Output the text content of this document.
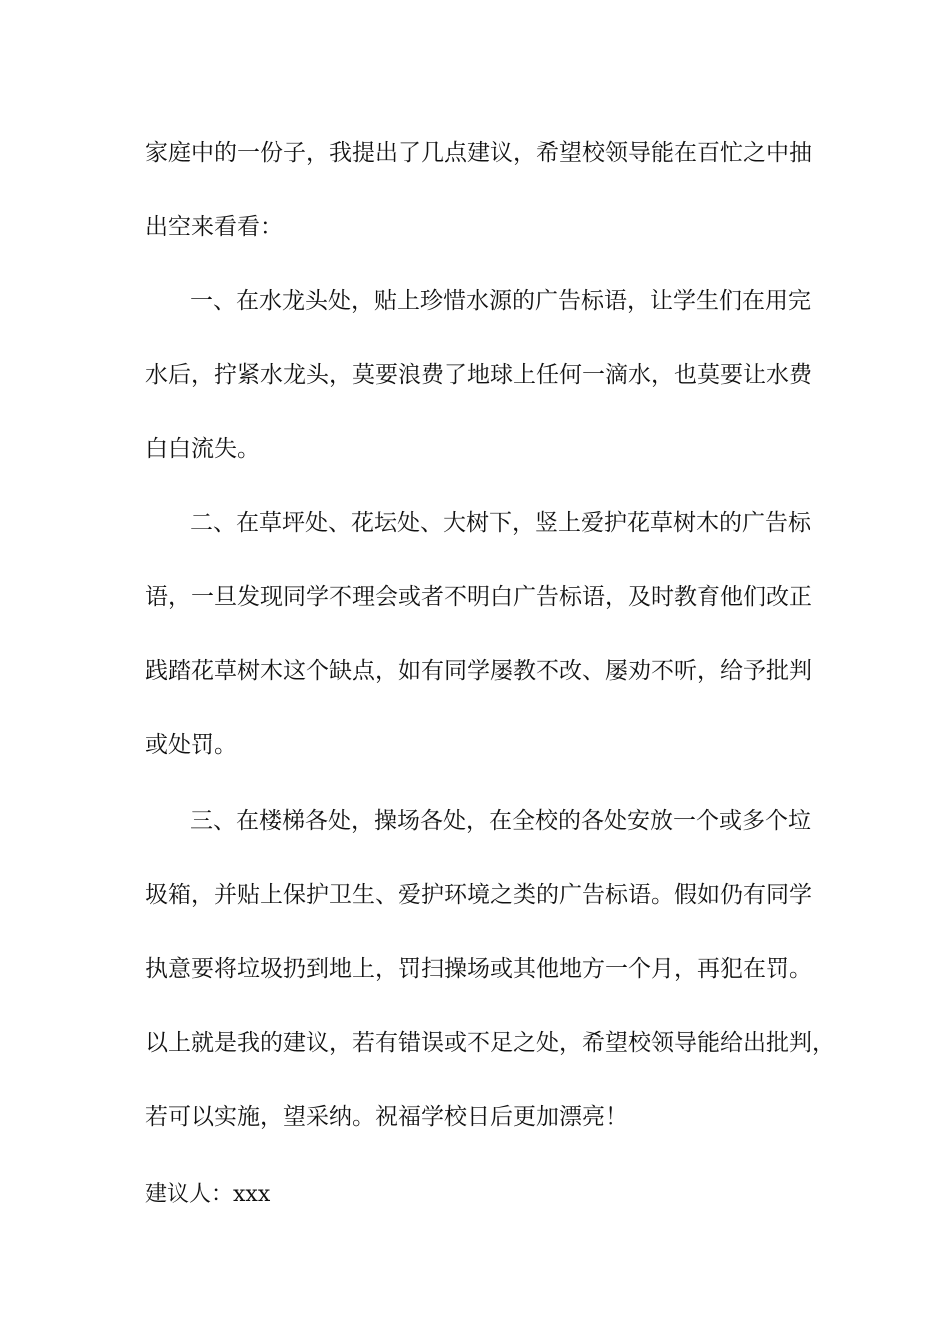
家庭中的一份子，我提出了几点建议，希望校领导能在百忙之中抽
出空来看看：
一、在水龙头处，贴上珍惜水源的广告标语，让学生们在用完
水后，拧紧水龙头，莫要浪费了地球上任何一滴水，也莫要让水费
白白流失。
二、在草坪处、花坛处、大树下，竖上爱护花草树木的广告标
语，一旦发现同学不理会或者不明白广告标语，及时教育他们改正
践踏花草树木这个缺点，如有同学屡教不改、屡劝不听，给予批判
或处罚。
三、在楼梯各处，操场各处，在全校的各处安放一个或多个垃
圾箱，并贴上保护卫生、爱护环境之类的广告标语。假如仍有同学
执意要将垃圾扔到地上，罚扫操场或其他地方一个月，再犯在罚。
以上就是我的建议，若有错误或不足之处，希望校领导能给出批判，
若可以实施，望采纳。祝福学校日后更加漂亮！
建议人：xxx
